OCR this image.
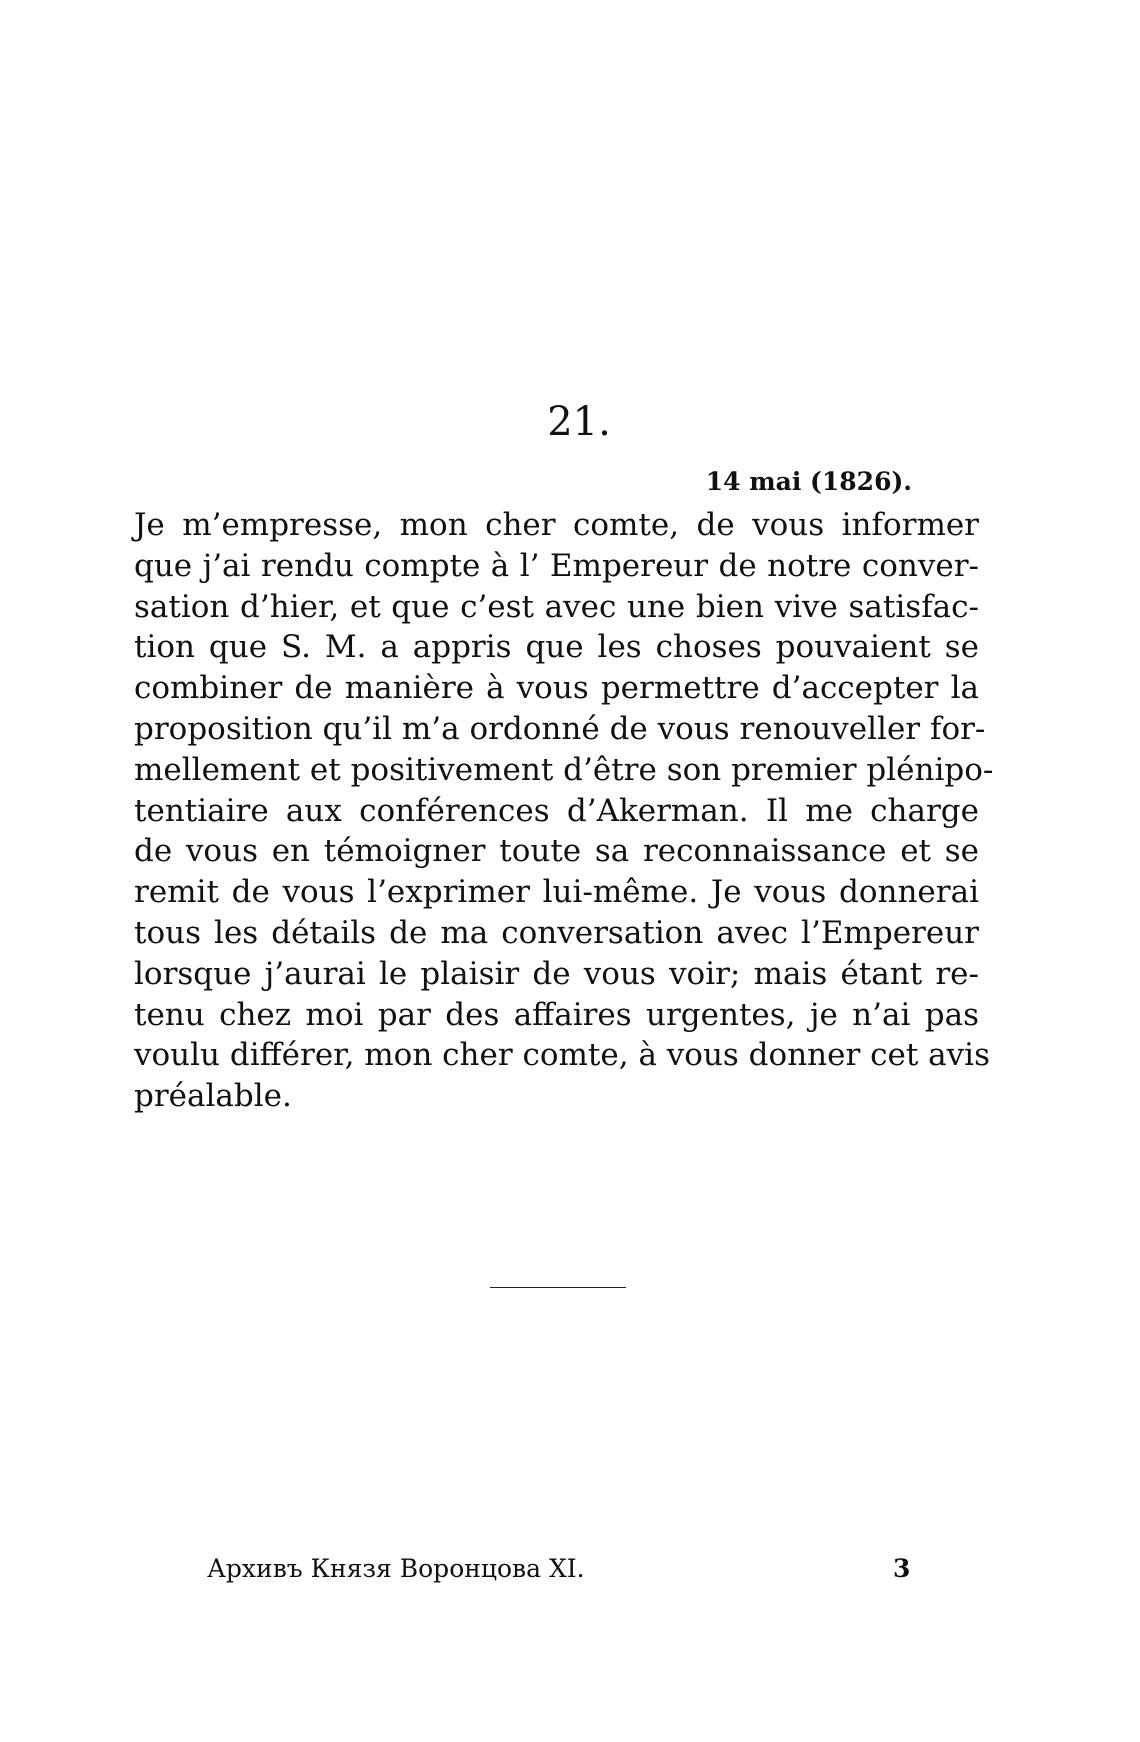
21.
14 mai (1826).
Je m’empresse, mon cher comte, de vous informer
que j’ai rendu compte à l’ Empereur de notre conver-
sation d’hier, et que c’est avec une bien vive satisfac-
tion que S. M. a appris que les choses pouvaient se
combiner de manière à vous permettre d’accepter la
proposition qu’il m’a ordonné de vous renouveller for-
mellement et positivement d’être son premier plénipo-
tentiaire aux conférences d’Akerman. Il me charge
de vous en témoigner toute sa reconnaissance et se
remit de vous l’exprimer lui-même. Je vous donnerai
tous les détails de ma conversation avec l’Empereur
lorsque j’aurai le plaisir de vous voir; mais étant re-
tenu chez moi par des affaires urgentes, je n’ai pas
voulu différer, mon cher comte, à vous donner cet avis
préalable.
Архивъ Князя Воронцова XI.	3
